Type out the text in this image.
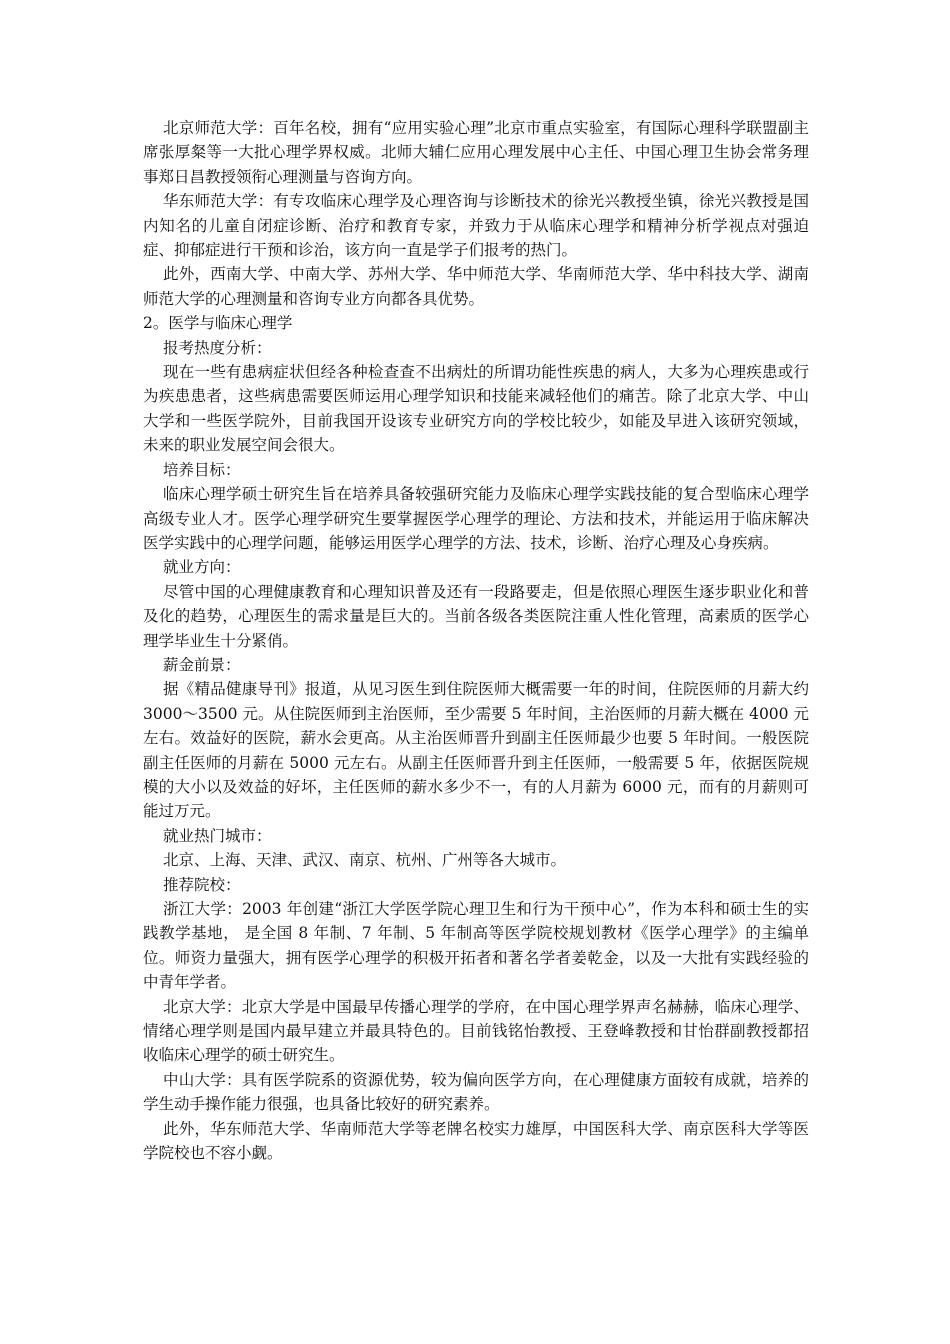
北京师范大学：百年名校，拥有“应用实验心理”北京市重点实验室，有国际心理科学联盟副主席张厚粲等一大批心理学界权威。北师大辅仁应用心理发展中心主任、中国心理卫生协会常务理事郑日昌教授领衔心理测量与咨询方向。

华东师范大学：有专攻临床心理学及心理咨询与诊断技术的徐光兴教授坐镇，徐光兴教授是国内知名的儿童自闭症诊断、治疗和教育专家，并致力于从临床心理学和精神分析学视点对强迫症、抑郁症进行干预和诊治，该方向一直是学子们报考的热门。

此外，西南大学、中南大学、苏州大学、华中师范大学、华南师范大学、华中科技大学、湖南师范大学的心理测量和咨询专业方向都各具优势。

2。医学与临床心理学

报考热度分析：

现在一些有患病症状但经各种检查查不出病灶的所谓功能性疾患的病人，大多为心理疾患或行为疾患患者，这些病患需要医师运用心理学知识和技能来减轻他们的痛苦。除了北京大学、中山大学和一些医学院外，目前我国开设该专业研究方向的学校比较少，如能及早进入该研究领域，未来的职业发展空间会很大。

培养目标：

临床心理学硕士研究生旨在培养具备较强研究能力及临床心理学实践技能的复合型临床心理学高级专业人才。医学心理学研究生要掌握医学心理学的理论、方法和技术，并能运用于临床解决医学实践中的心理学问题，能够运用医学心理学的方法、技术，诊断、治疗心理及心身疾病。

就业方向：

尽管中国的心理健康教育和心理知识普及还有一段路要走，但是依照心理医生逐步职业化和普及化的趋势，心理医生的需求量是巨大的。当前各级各类医院注重人性化管理，高素质的医学心理学毕业生十分紧俏。

薪金前景：

据《精品健康导刊》报道，从见习医生到住院医师大概需要一年的时间，住院医师的月薪大约 3000～3500 元。从住院医师到主治医师，至少需要 5 年时间，主治医师的月薪大概在 4000 元左右。效益好的医院，薪水会更高。从主治医师晋升到副主任医师最少也要 5 年时间。一般医院副主任医师的月薪在 5000 元左右。从副主任医师晋升到主任医师，一般需要 5 年，依据医院规模的大小以及效益的好坏，主任医师的薪水多少不一，有的人月薪为 6000 元，而有的月薪则可能过万元。

就业热门城市：

北京、上海、天津、武汉、南京、杭州、广州等各大城市。

推荐院校：

浙江大学：2003 年创建“浙江大学医学院心理卫生和行为干预中心”，作为本科和硕士生的实践教学基地， 是全国 8 年制、7 年制、5 年制高等医学院校规划教材《医学心理学》的主编单位。师资力量强大，拥有医学心理学的积极开拓者和著名学者姜乾金，以及一大批有实践经验的中青年学者。

北京大学：北京大学是中国最早传播心理学的学府，在中国心理学界声名赫赫，临床心理学、情绪心理学则是国内最早建立并最具特色的。目前钱铭怡教授、王登峰教授和甘怡群副教授都招收临床心理学的硕士研究生。

中山大学：具有医学院系的资源优势，较为偏向医学方向，在心理健康方面较有成就，培养的学生动手操作能力很强，也具备比较好的研究素养。

此外，华东师范大学、华南师范大学等老牌名校实力雄厚，中国医科大学、南京医科大学等医学院校也不容小觑。
